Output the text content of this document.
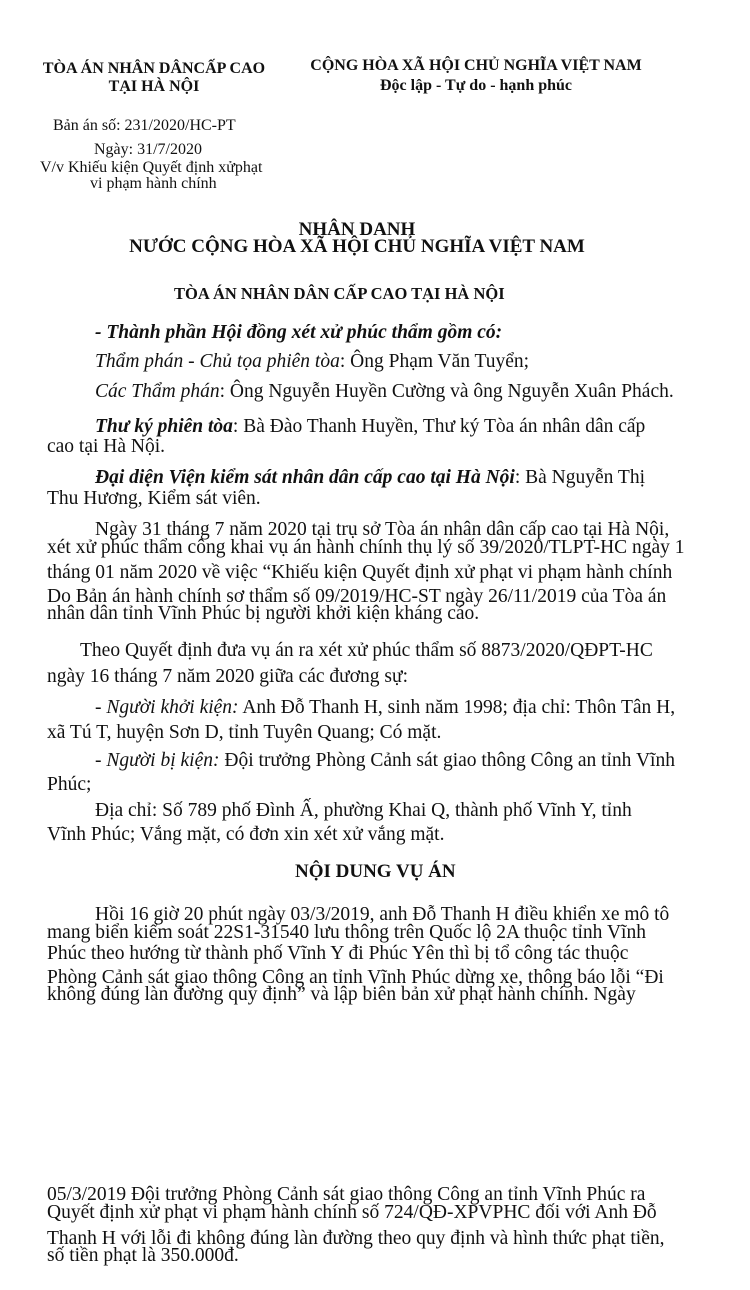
TÒA ÁN NHÂN DÂNCẤP CAO
TẠI HÀ NỘI
Bản án số: 231/2020/HC-PT
Ngày: 31/7/2020
V/v Khiếu kiện Quyết định xửphạt
vi phạm hành chính
CỘNG HÒA XÃ HỘI CHỦ NGHĨA VIỆT NAM
Độc lập - Tự do - hạnh phúc
NHÂN DANH
NƯỚC CỘNG HÒA XÃ HỘI CHỦ NGHĨA VIỆT NAM
TÒA ÁN NHÂN DÂN CẤP CAO TẠI HÀ NỘI
- Thành phần Hội đồng xét xử phúc thẩm gồm có:
Thẩm phán - Chủ tọa phiên tòa: Ông Phạm Văn Tuyển;
Các Thẩm phán: Ông Nguyễn Huyền Cường và ông Nguyễn Xuân Phách.
Thư ký phiên tòa: Bà Đào Thanh Huyền, Thư ký Tòa án nhân dân cấp
cao tại Hà Nội.
Đại diện Viện kiểm sát nhân dân cấp cao tại Hà Nội: Bà Nguyễn Thị
Thu Hương, Kiểm sát viên.
Ngày 31 tháng 7 năm 2020 tại trụ sở Tòa án nhân dân cấp cao tại Hà Nội,
xét xử phúc thẩm công khai vụ án hành chính thụ lý số 39/2020/TLPT-HC ngày 1
tháng 01 năm 2020 về việc “Khiếu kiện Quyết định xử phạt vi phạm hành chính
Do Bản án hành chính sơ thẩm số 09/2019/HC-ST ngày 26/11/2019 của Tòa án
nhân dân tỉnh Vĩnh Phúc bị người khởi kiện kháng cáo.
Theo Quyết định đưa vụ án ra xét xử phúc thẩm số 8873/2020/QĐPT-HC
ngày 16 tháng 7 năm 2020 giữa các đương sự:
- Người khởi kiện: Anh Đỗ Thanh H, sinh năm 1998; địa chỉ: Thôn Tân H,
xã Tú T, huyện Sơn D, tỉnh Tuyên Quang; Có mặt.
- Người bị kiện: Đội trưởng Phòng Cảnh sát giao thông Công an tỉnh Vĩnh
Phúc;
Địa chỉ: Số 789 phố Đình Ấ, phường Khai Q, thành phố Vĩnh Y, tỉnh
Vĩnh Phúc; Vắng mặt, có đơn xin xét xử vắng mặt.
NỘI DUNG VỤ ÁN
Hồi 16 giờ 20 phút ngày 03/3/2019, anh Đỗ Thanh H điều khiển xe mô tô
mang biển kiểm soát 22S1-31540 lưu thông trên Quốc lộ 2A thuộc tỉnh Vĩnh
Phúc theo hướng từ thành phố Vĩnh Y đi Phúc Yên thì bị tổ công tác thuộc
Phòng Cảnh sát giao thông Công an tỉnh Vĩnh Phúc dừng xe, thông báo lỗi “Đi
không đúng làn đường quy định” và lập biên bản xử phạt hành chính. Ngày
05/3/2019 Đội trưởng Phòng Cảnh sát giao thông Công an tỉnh Vĩnh Phúc ra
Quyết định xử phạt vi phạm hành chính số 724/QĐ-XPVPHC đối với Anh Đỗ
Thanh H với lỗi đi không đúng làn đường theo quy định và hình thức phạt tiền,
số tiền phạt là 350.000đ.
